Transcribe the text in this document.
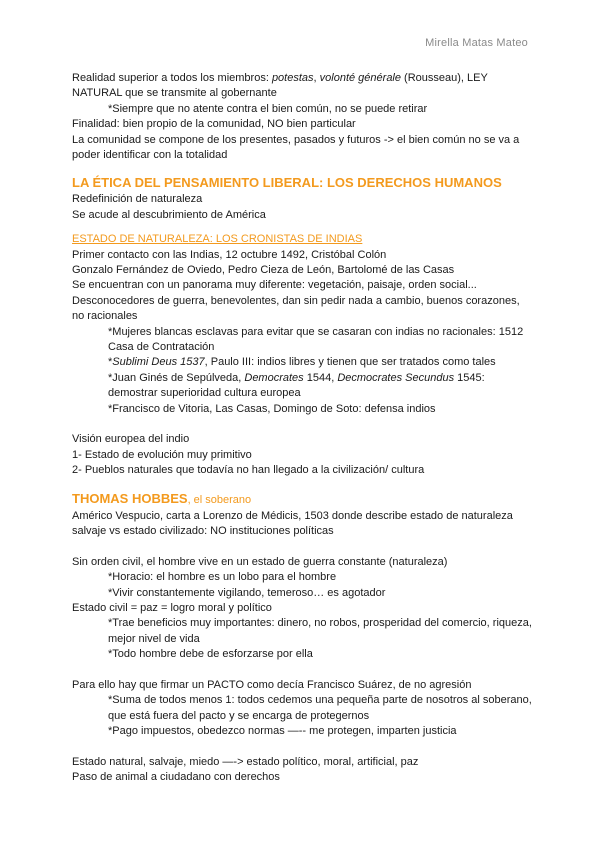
Mirella Matas Mateo
Realidad superior a todos los miembros: potestas, volonté générale (Rousseau), LEY NATURAL que se transmite al gobernante
*Siempre que no atente contra el bien común, no se puede retirar
Finalidad: bien propio de la comunidad, NO bien particular
La comunidad se compone de los presentes, pasados y futuros -> el bien común no se va a poder identificar con la totalidad
LA ÉTICA DEL PENSAMIENTO LIBERAL: LOS DERECHOS HUMANOS
Redefinición de naturaleza
Se acude al descubrimiento de América
ESTADO DE NATURALEZA: LOS CRONISTAS DE INDIAS
Primer contacto con las Indias, 12 octubre 1492, Cristóbal Colón
Gonzalo Fernández de Oviedo, Pedro Cieza de León, Bartolomé de las Casas
Se encuentran con un panorama muy diferente: vegetación, paisaje, orden social...
Desconocedores de guerra, benevolentes, dan sin pedir nada a cambio, buenos corazones, no racionales
*Mujeres blancas esclavas para evitar que se casaran con indias no racionales: 1512 Casa de Contratación
*Sublimi Deus 1537, Paulo III: indios libres y tienen que ser tratados como tales
*Juan Ginés de Sepúlveda, Democrates 1544, Decmocrates Secundus 1545: demostrar superioridad cultura europea
*Francisco de Vitoria, Las Casas, Domingo de Soto: defensa indios
Visión europea del indio
1- Estado de evolución muy primitivo
2- Pueblos naturales que todavía no han llegado a la civilización/ cultura
THOMAS HOBBES, el soberano
Américo Vespucio, carta a Lorenzo de Médicis, 1503 donde describe estado de naturaleza salvaje vs estado civilizado: NO instituciones políticas
Sin orden civil, el hombre vive en un estado de guerra constante (naturaleza)
*Horacio: el hombre es un lobo para el hombre
*Vivir constantemente vigilando, temeroso… es agotador
Estado civil = paz = logro moral y político
*Trae beneficios muy importantes: dinero, no robos, prosperidad del comercio, riqueza, mejor nivel de vida
*Todo hombre debe de esforzarse por ella
Para ello hay que firmar un PACTO como decía Francisco Suárez, de no agresión
*Suma de todos menos 1: todos cedemos una pequeña parte de nosotros al soberano, que está fuera del pacto y se encarga de protegernos
*Pago impuestos, obedezco normas —-- me protegen, imparten justicia
Estado natural, salvaje, miedo —-> estado político, moral, artificial, paz
Paso de animal a ciudadano con derechos
